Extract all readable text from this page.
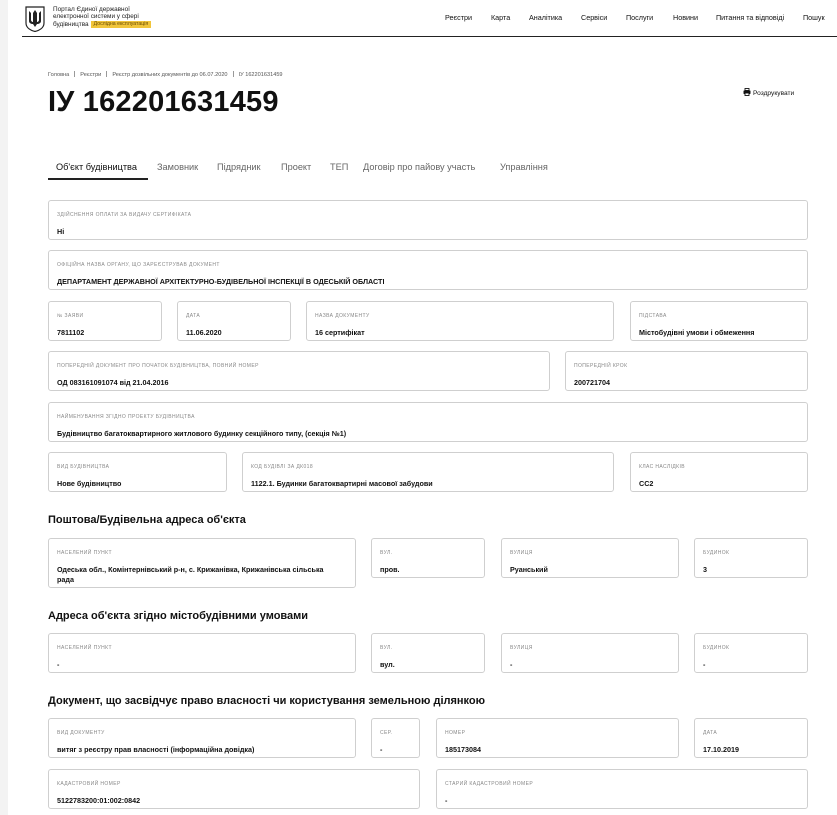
Портал Єдиної державної
електронної системи у сфері
будівництва Дослідна експлуатація
Реєстри	Карта	Аналітика	Сервіси	Послуги	Новини Питання та відповіді	Пошук
Головна Реєстри Реєстр дозвільних документів до 06.07.2020 ІУ 162201631459
ІУ 162201631459	Роздрукувати
Об'єкт будівництва Замовник Підрядник Проект ТЕП Договір про пайову участь	Управління
ЗДІЙСНЕННЯ ОПЛАТИ ЗА ВИДАЧУ СЕРТИФІКАТА
Ні
ОФІЦІЙНА НАЗВА ОРГАНУ, ЩО ЗАРЕЄСТРУВАВ ДОКУМЕНТ
ДЕПАРТАМЕНТ ДЕРЖАВНОЇ АРХІТЕКТУРНО-БУДІВЕЛЬНОЇ ІНСПЕКЦІЇ В ОДЕСЬКІЙ ОБЛАСТІ
№ ЗАЯВИ
7811102
ДАТА
11.06.2020
НАЗВА ДОКУМЕНТУ
16 сертифікат
ПІДСТАВА
Містобудівні умови і обмеження
ПОПЕРЕДНІЙ ДОКУМЕНТ ПРО ПОЧАТОК БУДІВНИЦТВА, ПОВНИЙ НОМЕР
ОД 083161091074 від 21.04.2016
ПОПЕРЕДНІЙ КРОК
200721704
НАЙМЕНУВАННЯ ЗГІДНО ПРОЕКТУ БУДІВНИЦТВА
Будівництво багатоквартирного житлового будинку секційного типу, (секція №1)
ВИД БУДІВНИЦТВА
Нове будівництво
КОД БУДІВЛІ ЗА ДК018
1122.1. Будинки багатоквартирні масової забудови
КЛАС НАСЛІДКІВ
СС2
Поштова/Будівельна адреса об'єкта
НАСЕЛЕНИЙ ПУНКТ
Одеська обл., Комінтернівський р-н, с. Крижанівка, Крижанівська сільська рада
ВУЛ.
пров.
ВУЛИЦЯ
Руанський
БУДИНОК
3
Адреса об'єкта згідно містобудівними умовами
НАСЕЛЕНИЙ ПУНКТ
-
ВУЛ.
вул.
ВУЛИЦЯ
-
БУДИНОК
-
Документ, що засвідчує право власності чи користування земельною ділянкою
ВИД ДОКУМЕНТУ
витяг з реєстру прав власності (інформаційна довідка)
СЕР.
-
НОМЕР
185173084
ДАТА
17.10.2019
КАДАСТРОВИЙ НОМЕР
5122783200:01:002:0842
СТАРИЙ КАДАСТРОВИЙ НОМЕР
-
